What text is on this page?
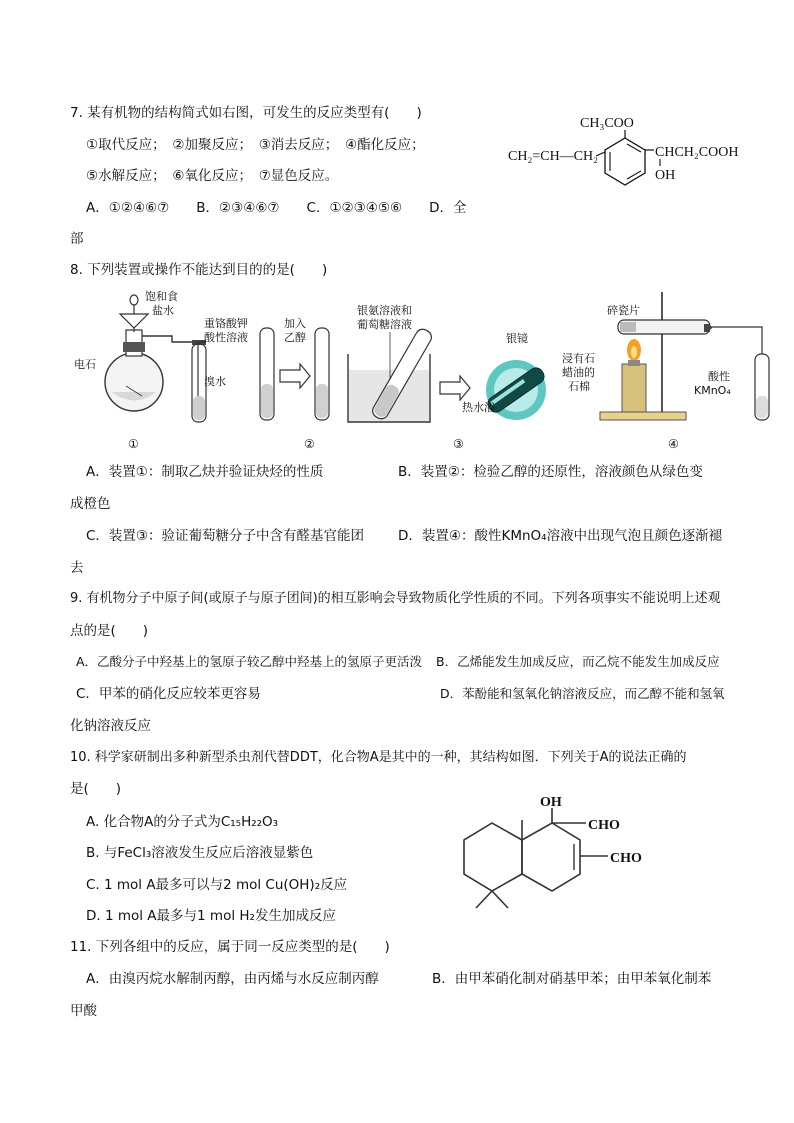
7. 某有机物的结构简式如右图，可发生的反应类型有(　　)
①取代反应；　②加聚反应；　③消去反应；　④酯化反应；
⑤水解反应；　⑥氧化反应；　⑦显色反应。
A．①②④⑥⑦　　B．②③④⑥⑦　　C．①②③④⑤⑥　　D．全
部
CH₃COO
CH₂=CH—CH₂	CHCH₂COOH
OH
8. 下列装置或操作不能达到目的的是(　　)
饱和食
盐水
电石
溴水
①
重铬酸钾
酸性溶液
加入
乙醇
②
银氨溶液和
葡萄糖溶液
银镜
热水浴
③
碎瓷片
浸有石
蜡油的
石棉
酸性
KMnO₄
④
A．装置①：制取乙炔并验证炔烃的性质	B．装置②：检验乙醇的还原性，溶液颜色从绿色变
成橙色
C．装置③：验证葡萄糖分子中含有醛基官能团	D．装置④：酸性KMnO₄溶液中出现气泡且颜色逐渐褪
去
9. 有机物分子中原子间(或原子与原子团间)的相互影响会导致物质化学性质的不同。下列各项事实不能说明上述观
点的是(　　)
A．乙酸分子中羟基上的氢原子较乙醇中羟基上的氢原子更活泼 B．乙烯能发生加成反应，而乙烷不能发生加成反应
C．甲苯的硝化反应较苯更容易	D．苯酚能和氢氧化钠溶液反应，而乙醇不能和氢氧
化钠溶液反应
10. 科学家研制出多种新型杀虫剂代替DDT，化合物A是其中的一种，其结构如图．下列关于A的说法正确的
是(　　)
A. 化合物A的分子式为C₁₅H₂₂O₃
B. 与FeCl₃溶液发生反应后溶液显紫色
C. 1 mol A最多可以与2 mol Cu(OH)₂反应
D. 1 mol A最多与1 mol H₂发生加成反应
OH
CHO
CHO
11. 下列各组中的反应，属于同一反应类型的是(　　)
A．由溴丙烷水解制丙醇，由丙烯与水反应制丙醇	B．由甲苯硝化制对硝基甲苯；由甲苯氧化制苯
甲酸
